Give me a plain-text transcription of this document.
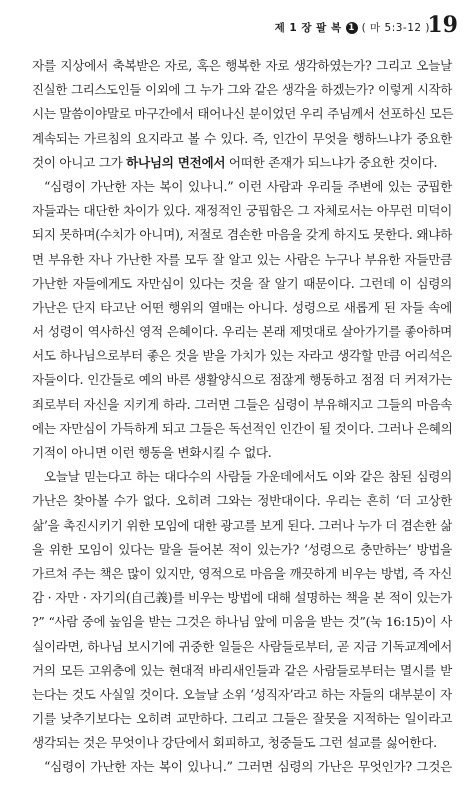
제 1 장 팔 복 1 ( 마 5:3-12 )
19
자를 지상에서 축복받은 자로, 혹은 행복한 자로 생각하였는가? 그리고 오늘날
진실한 그리스도인들 이외에 그 누가 그와 같은 생각을 하겠는가? 이렇게 시작하
시는 말씀이야말로 마구간에서 태어나신 분이었던 우리 주님께서 선포하신 모든
계속되는 가르침의 요지라고 볼 수 있다. 즉, 인간이 무엇을 행하느냐가 중요한
것이 아니고 그가 하나님의 면전에서 어떠한 존재가 되느냐가 중요한 것이다.
“심령이 가난한 자는 복이 있나니.” 이런 사람과 우리들 주변에 있는 궁핍한
자들과는 대단한 차이가 있다. 재정적인 궁핍함은 그 자체로서는 아무런 미덕이
되지 못하며(수치가 아니며), 저절로 겸손한 마음을 갖게 하지도 못한다. 왜냐하
면 부유한 자나 가난한 자를 모두 잘 알고 있는 사람은 누구나 부유한 자들만큼
가난한 자들에게도 자만심이 있다는 것을 잘 알기 때문이다. 그런데 이 심령의
가난은 단지 타고난 어떤 행위의 열매는 아니다. 성령으로 새롭게 된 자들 속에
서 성령이 역사하신 영적 은혜이다. 우리는 본래 제멋대로 살아가기를 좋아하며
서도 하나님으로부터 좋은 것을 받을 가치가 있는 자라고 생각할 만큼 어리석은
자들이다. 인간들로 예의 바른 생활양식으로 점잖게 행동하고 점점 더 커져가는
죄로부터 자신을 지키게 하라. 그러면 그들은 심령이 부유해지고 그들의 마음속
에는 자만심이 가득하게 되고 그들은 독선적인 인간이 될 것이다. 그러나 은혜의
기적이 아니면 이런 행동을 변화시킬 수 없다.
오늘날 믿는다고 하는 대다수의 사람들 가운데에서도 이와 같은 참된 심령의
가난은 찾아볼 수가 없다. 오히려 그와는 정반대이다. 우리는 흔히 ‘더 고상한
삶’을 촉진시키기 위한 모임에 대한 광고를 보게 된다. 그러나 누가 더 겸손한 삶
을 위한 모임이 있다는 말을 들어본 적이 있는가? ‘성령으로 충만하는’ 방법을
가르쳐 주는 책은 많이 있지만, 영적으로 마음을 깨끗하게 비우는 방법, 즉 자신
감 · 자만 · 자기의(自己義)를 비우는 방법에 대해 설명하는 책을 본 적이 있는가
?” “사람 중에 높임을 받는 그것은 하나님 앞에 미움을 받는 것”(눅 16:15)이 사
실이라면, 하나님 보시기에 귀중한 일들은 사람들로부터, 곧 지금 기독교계에서
거의 모든 고위층에 있는 현대적 바리새인들과 같은 사람들로부터는 멸시를 받
는다는 것도 사실일 것이다. 오늘날 소위 ‘성직자’라고 하는 자들의 대부분이 자
기를 낮추기보다는 오히려 교만하다. 그리고 그들은 잘못을 지적하는 일이라고
생각되는 것은 무엇이나 강단에서 회피하고, 청중들도 그런 설교를 싫어한다.
“심령이 가난한 자는 복이 있나니.” 그러면 심령의 가난은 무엇인가? 그것은
